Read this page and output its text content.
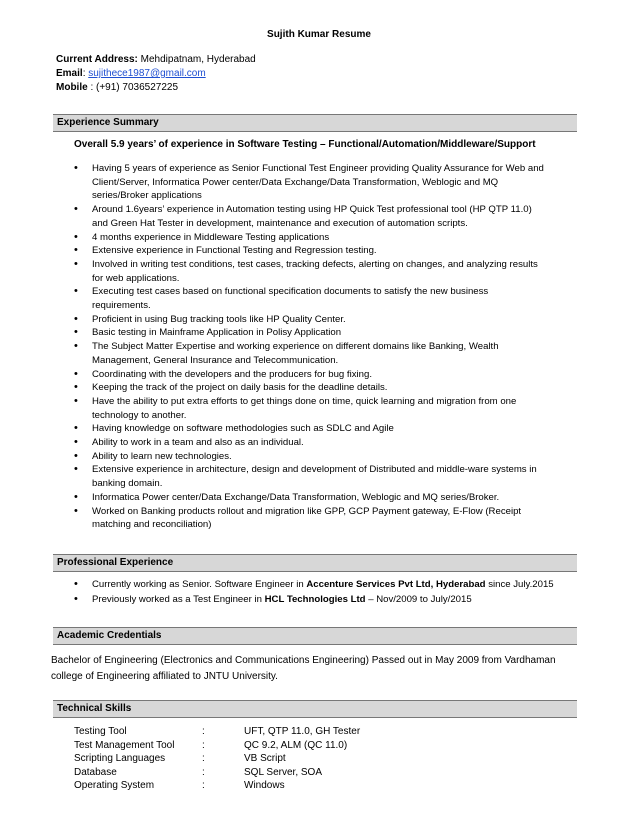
Sujith Kumar Resume
Current Address: Mehdipatnam, Hyderabad
Email: sujithece1987@gmail.com
Mobile : (+91) 7036527225
Experience Summary
Overall 5.9 years’ of experience in Software Testing – Functional/Automation/Middleware/Support
• Having 5 years of experience as Senior Functional Test Engineer providing Quality Assurance for Web and Client/Server, Informatica Power center/Data Exchange/Data Transformation, Weblogic and MQ series/Broker applications
• Around 1.6years’ experience in Automation testing using HP Quick Test professional tool (HP QTP 11.0) and Green Hat Tester in development, maintenance and execution of automation scripts.
• 4 months experience in Middleware Testing applications
• Extensive experience in Functional Testing and Regression testing.
• Involved in writing test conditions, test cases, tracking defects, alerting on changes, and analyzing results for web applications.
• Executing test cases based on functional specification documents to satisfy the new business requirements.
• Proficient in using Bug tracking tools like HP Quality Center.
• Basic testing in Mainframe Application in Polisy Application
• The Subject Matter Expertise and working experience on different domains like Banking, Wealth Management, General Insurance and Telecommunication.
• Coordinating with the developers and the producers for bug fixing.
• Keeping the track of the project on daily basis for the deadline details.
• Have the ability to put extra efforts to get things done on time, quick learning and migration from one technology to another.
• Having knowledge on software methodologies such as SDLC and Agile
• Ability to work in a team and also as an individual.
• Ability to learn new technologies.
• Extensive experience in architecture, design and development of Distributed and middle-ware systems in banking domain.
• Informatica Power center/Data Exchange/Data Transformation, Weblogic and MQ series/Broker.
• Worked on Banking products rollout and migration like GPP, GCP Payment gateway, E-Flow (Receipt matching and reconciliation)
Professional Experience
• Currently working as Senior. Software Engineer in Accenture Services Pvt Ltd, Hyderabad since July.2015
• Previously worked as a Test Engineer in HCL Technologies Ltd – Nov/2009 to July/2015
Academic Credentials
Bachelor of Engineering (Electronics and Communications Engineering) Passed out in May 2009 from Vardhaman college of Engineering affiliated to JNTU University.
Technical Skills
Testing Tool	:	UFT, QTP 11.0, GH Tester
Test Management Tool	:	QC 9.2, ALM (QC 11.0)
Scripting Languages	:	VB Script
Database	:	SQL Server, SOA
Operating System	:	Windows
